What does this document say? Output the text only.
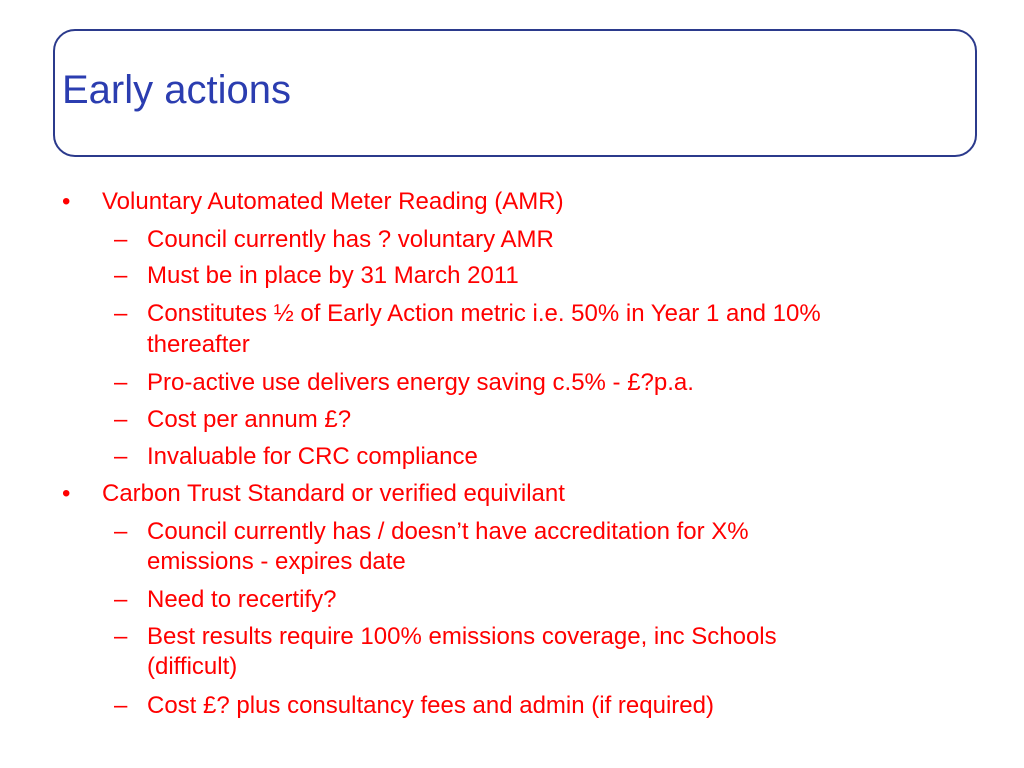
Early actions
• Voluntary Automated Meter Reading (AMR)
– Council currently has ? voluntary AMR
– Must be in place by 31 March 2011
– Constitutes ½ of Early Action metric i.e. 50% in Year 1 and 10%
thereafter
– Pro-active use delivers energy saving c.5% - £?p.a.
– Cost per annum £?
– Invaluable for CRC compliance
• Carbon Trust Standard or verified equivilant
– Council currently has / doesn’t have accreditation for X%
emissions - expires date
– Need to recertify?
– Best results require 100% emissions coverage, inc Schools
(difficult)
– Cost £? plus consultancy fees and admin (if required)
